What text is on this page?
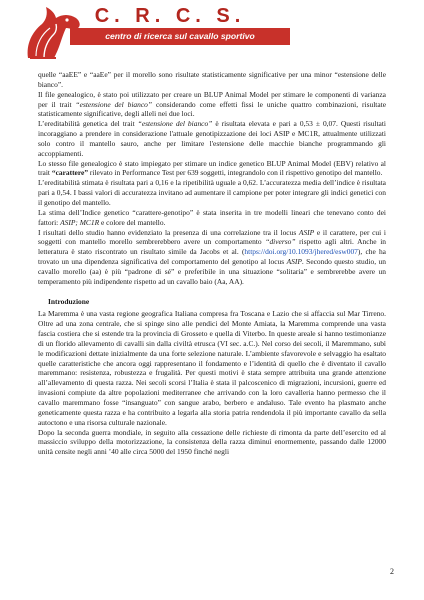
C. R. C. S.
centro di ricerca sul cavallo sportivo

quelle “aaEE” e “aaEe” per il morello sono risultate statisticamente significative per una minor “estensione delle bianco”.

Il file genealogico, è stato poi utilizzato per creare un BLUP Animal Model per stimare le componenti di varianza per il trait “estensione del bianco” considerando come effetti fissi le uniche quattro combinazioni, risultate statisticamente significative, degli alleli nei due loci.

L’ereditabilità genetica del trait “estensione del bianco” è risultata elevata e pari a 0,53 ± 0,07. Questi risultati incoraggiano a prendere in considerazione l'attuale genotipizzazione dei loci ASIP e MC1R, attualmente utilizzati solo contro il mantello sauro, anche per limitare l'estensione delle macchie bianche programmando gli accoppiamenti.

Lo stesso file genealogico è stato impiegato per stimare un indice genetico BLUP Animal Model (EBV) relativo al trait “carattere” rilevato in Performance Test per 639 soggetti, integrandolo con il rispettivo genotipo del mantello.

L’ereditabilità stimata è risultata pari a 0,16 e la ripetibilità uguale a 0,62. L’accuratezza media dell’indice è risultata pari a 0,54. I bassi valori di accuratezza invitano ad aumentare il campione per poter integrare gli indici genetici con il genotipo del mantello.

La stima dell’Indice genetico “carattere-genotipo” è stata inserita in tre modelli lineari che tenevano conto dei fattori: ASIP; MC1R e colore del mantello.

I risultati dello studio hanno evidenziato la presenza di una correlazione tra il locus ASIP e il carattere, per cui i soggetti con mantello morello sembrerebbero avere un comportamento “diverso” rispetto agli altri. Anche in letteratura è stato riscontrato un risultato simile da Jacobs et al. (https://doi.org/10.1093/jhered/esw007), che ha trovato un una dipendenza significativa del comportamento del genotipo al locus ASIP. Secondo questo studio, un cavallo morello (aa) è più “padrone di sé” e preferibile in una situazione “solitaria” e sembrerebbe avere un temperamento più indipendente rispetto ad un cavallo baio (Aa, AA).

Introduzione

La Maremma è una vasta regione geografica Italiana compresa fra Toscana e Lazio che si affaccia sul Mar Tirreno. Oltre ad una zona centrale, che si spinge sino alle pendici del Monte Amiata, la Maremma comprende una vasta fascia costiera che si estende tra la provincia di Grosseto e quella di Viterbo. In queste areale si hanno testimonianze di un florido allevamento di cavalli sin dalla civiltà etrusca (VI sec. a.C.). Nel corso dei secoli, il Maremmano, subì le modificazioni dettate inizialmente da una forte selezione naturale. L’ambiente sfavorevole e selvaggio ha esaltato quelle caratteristiche che ancora oggi rappresentano il fondamento e l’identità di quello che è diventato il cavallo maremmano: resistenza, robustezza e frugalità. Per questi motivi è stata sempre attribuita una grande attenzione all’allevamento di questa razza. Nei secoli scorsi l’Italia è stata il palcoscenico di migrazioni, incursioni, guerre ed invasioni compiute da altre popolazioni mediterranee che arrivando con la loro cavalleria hanno permesso che il cavallo maremmano fosse “insanguato” con sangue arabo, berbero e andaluso. Tale evento ha plasmato anche geneticamente questa razza e ha contribuito a legarla alla storia patria rendendola il più importante cavallo da sella autoctono e una risorsa culturale nazionale.

Dopo la seconda guerra mondiale, in seguito alla cessazione delle richieste di rimonta da parte dell’esercito ed al massiccio sviluppo della motorizzazione, la consistenza della razza diminuì enormemente, passando dalle 12000 unità censite negli anni ’40 alle circa 5000 del 1950 finché negli

2
